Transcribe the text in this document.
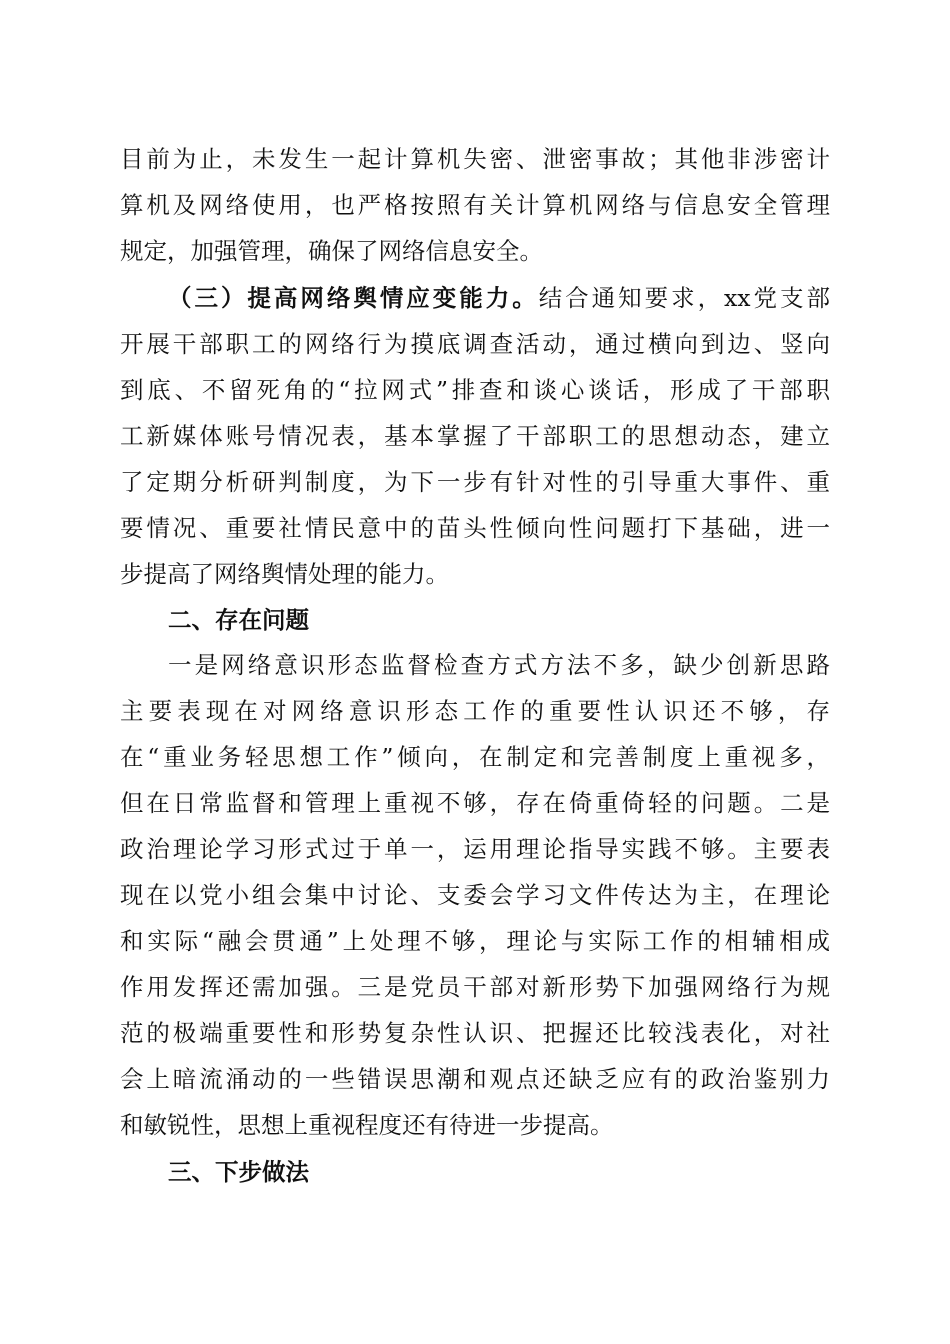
目前为止，未发生一起计算机失密、泄密事故；其他非涉密计
算机及网络使用，也严格按照有关计算机网络与信息安全管理
规定，加强管理，确保了网络信息安全。
（三）提高网络舆情应变能力。结合通知要求，xx党支部
开展干部职工的网络行为摸底调查活动，通过横向到边、竖向
到底、不留死角的“拉网式”排查和谈心谈话，形成了干部职
工新媒体账号情况表，基本掌握了干部职工的思想动态，建立
了定期分析研判制度，为下一步有针对性的引导重大事件、重
要情况、重要社情民意中的苗头性倾向性问题打下基础，进一
步提高了网络舆情处理的能力。
二、存在问题
一是网络意识形态监督检查方式方法不多，缺少创新思路
主要表现在对网络意识形态工作的重要性认识还不够，存
在“重业务轻思想工作”倾向，在制定和完善制度上重视多，
但在日常监督和管理上重视不够，存在倚重倚轻的问题。二是
政治理论学习形式过于单一，运用理论指导实践不够。主要表
现在以党小组会集中讨论、支委会学习文件传达为主，在理论
和实际“融会贯通”上处理不够，理论与实际工作的相辅相成
作用发挥还需加强。三是党员干部对新形势下加强网络行为规
范的极端重要性和形势复杂性认识、把握还比较浅表化，对社
会上暗流涌动的一些错误思潮和观点还缺乏应有的政治鉴别力
和敏锐性，思想上重视程度还有待进一步提高。
三、下步做法
